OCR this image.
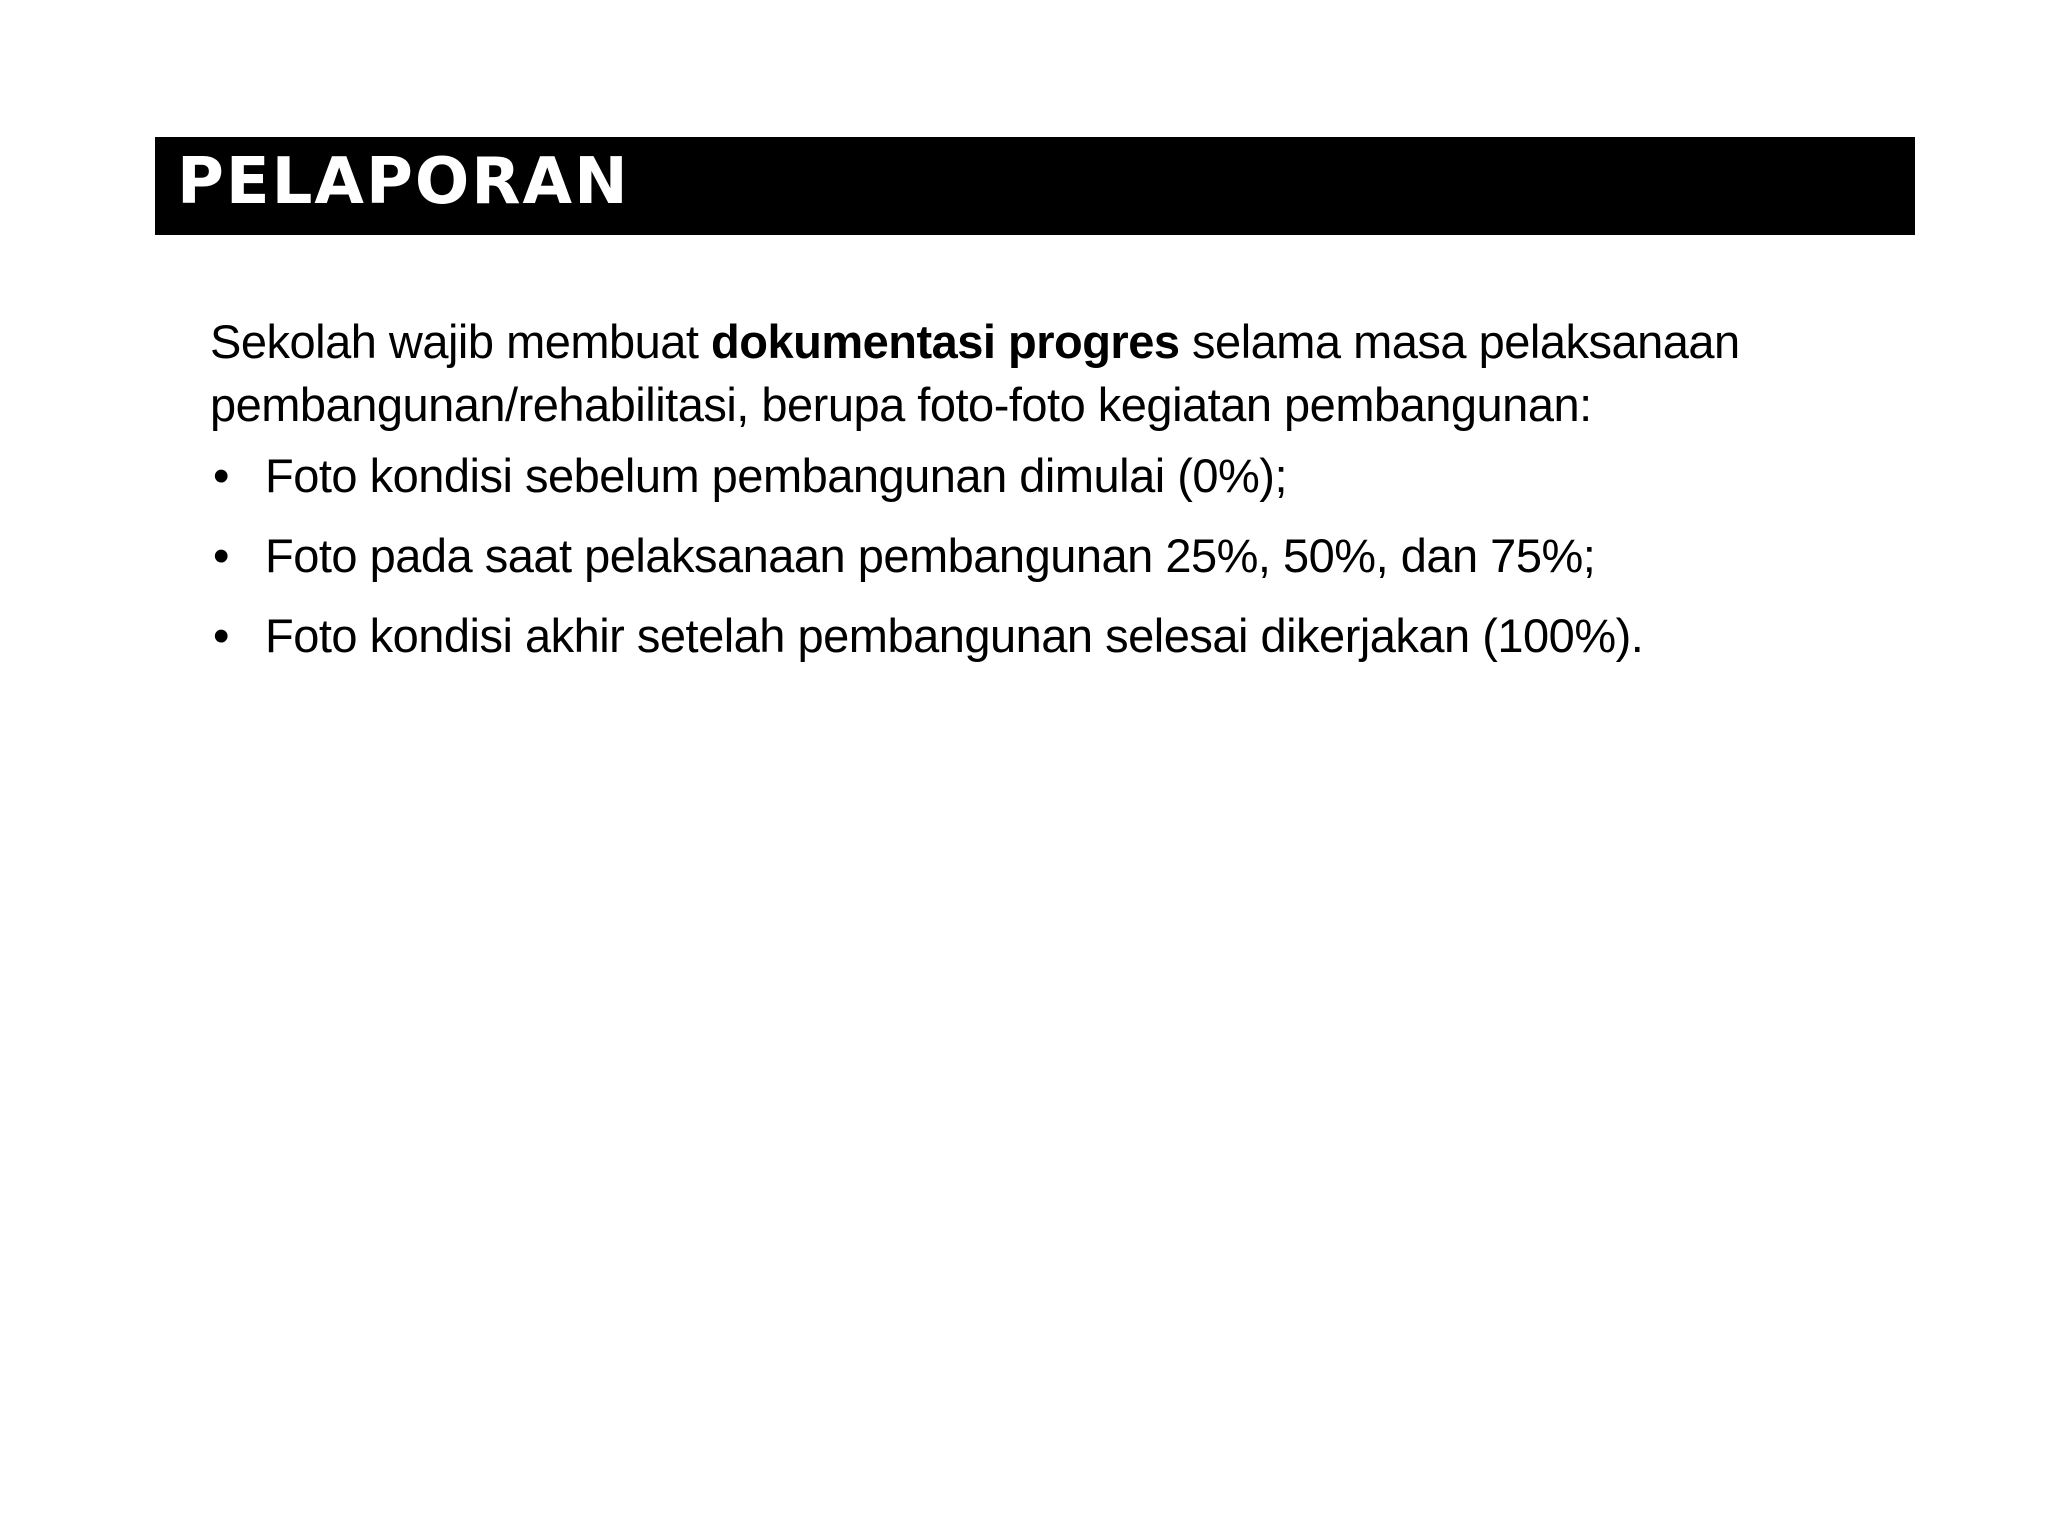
PELAPORAN

Sekolah wajib membuat dokumentasi progres selama masa pelaksanaan pembangunan/rehabilitasi, berupa foto-foto kegiatan pembangunan:

• Foto kondisi sebelum pembangunan dimulai (0%);
• Foto pada saat pelaksanaan pembangunan 25%, 50%, dan 75%;
• Foto kondisi akhir setelah pembangunan selesai dikerjakan (100%).
